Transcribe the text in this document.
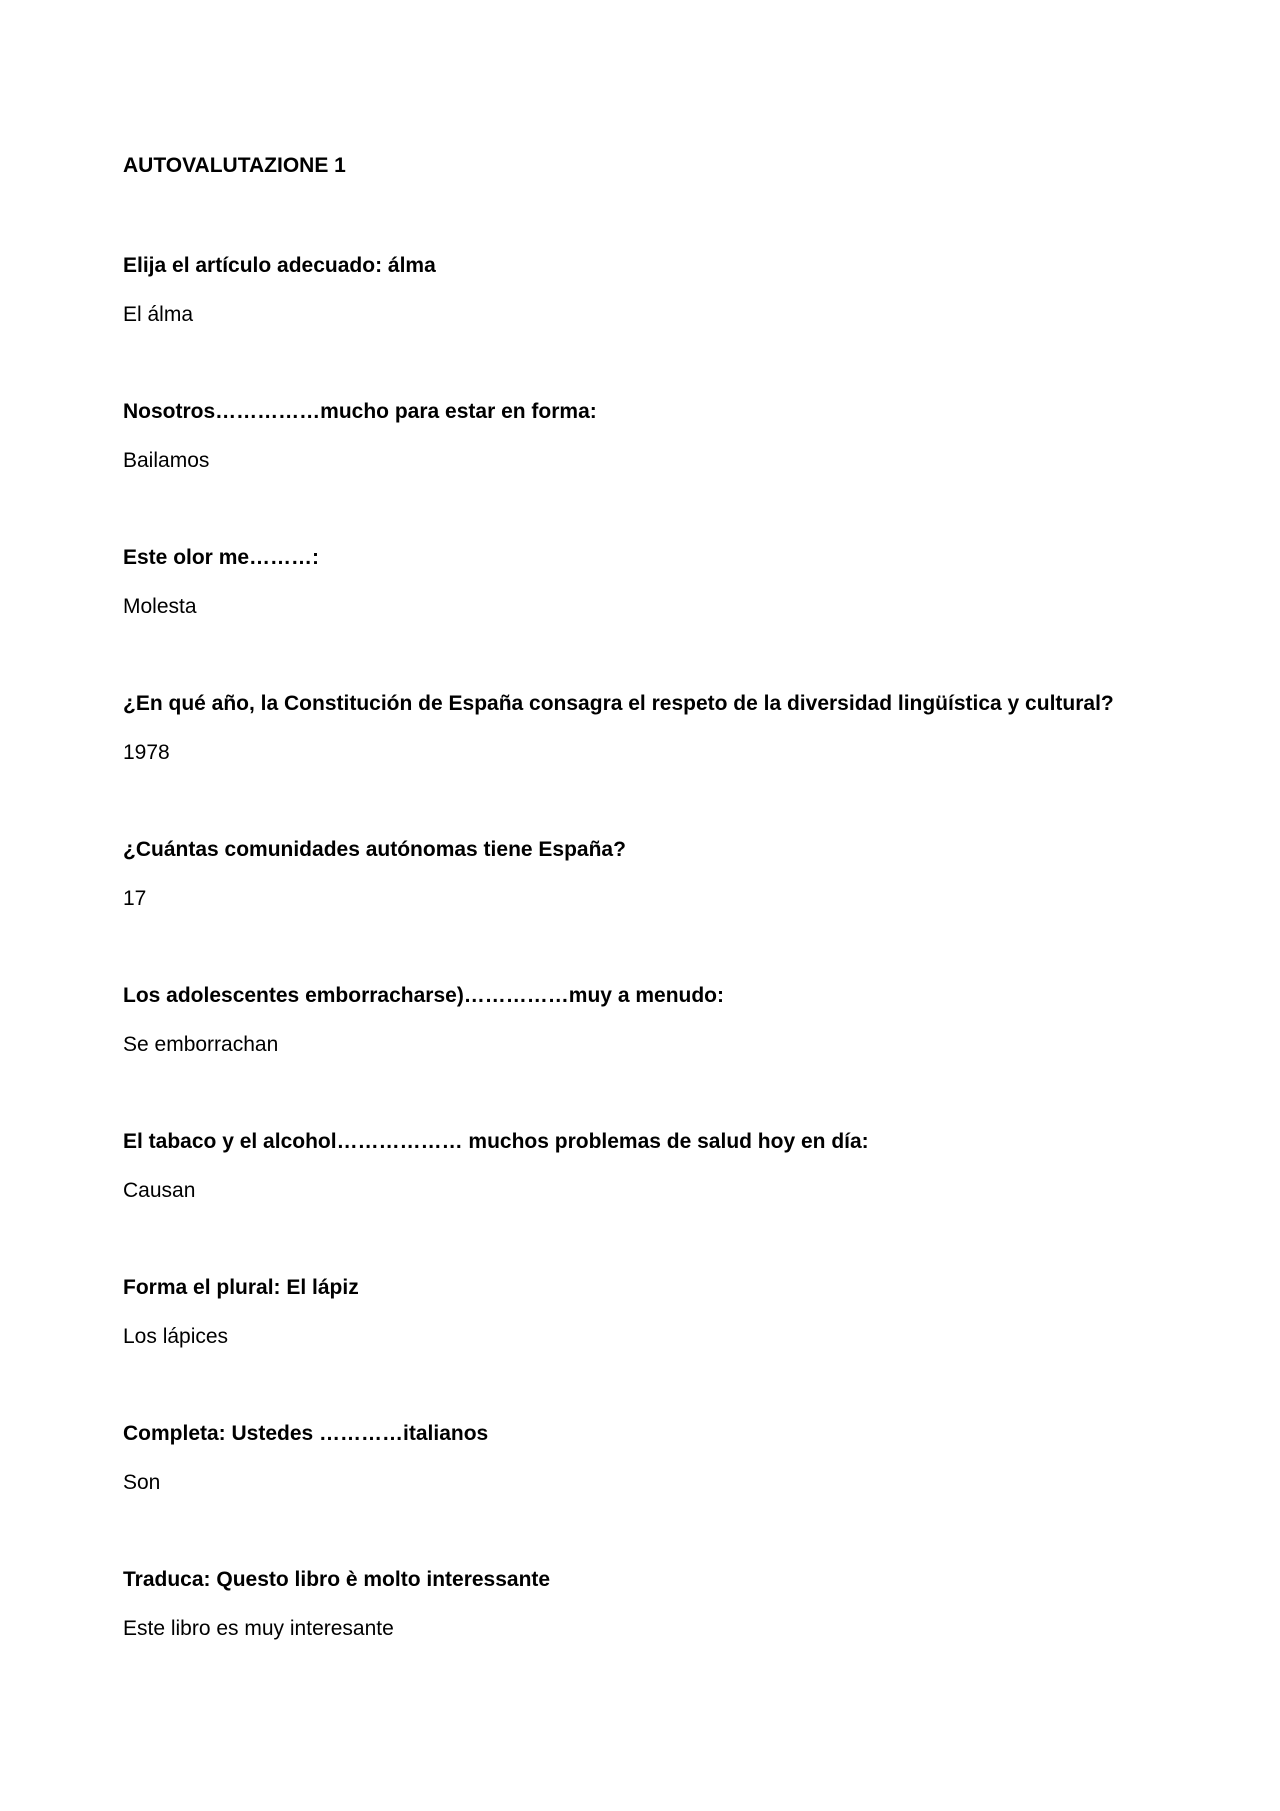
AUTOVALUTAZIONE 1
Elija el artículo adecuado: álma
El álma
Nosotros……………mucho para estar en forma:
Bailamos
Este olor me………:
Molesta
¿En qué año, la Constitución de España consagra el respeto de la diversidad lingüística y cultural?
1978
¿Cuántas comunidades autónomas tiene España?
17
Los adolescentes emborracharse)……………muy a menudo:
Se emborrachan
El tabaco y el alcohol……………… muchos problemas de salud hoy en día:
Causan
Forma el plural: El lápiz
Los lápices
Completa: Ustedes …………italianos
Son
Traduca: Questo libro è molto interessante
Este libro es muy interesante
